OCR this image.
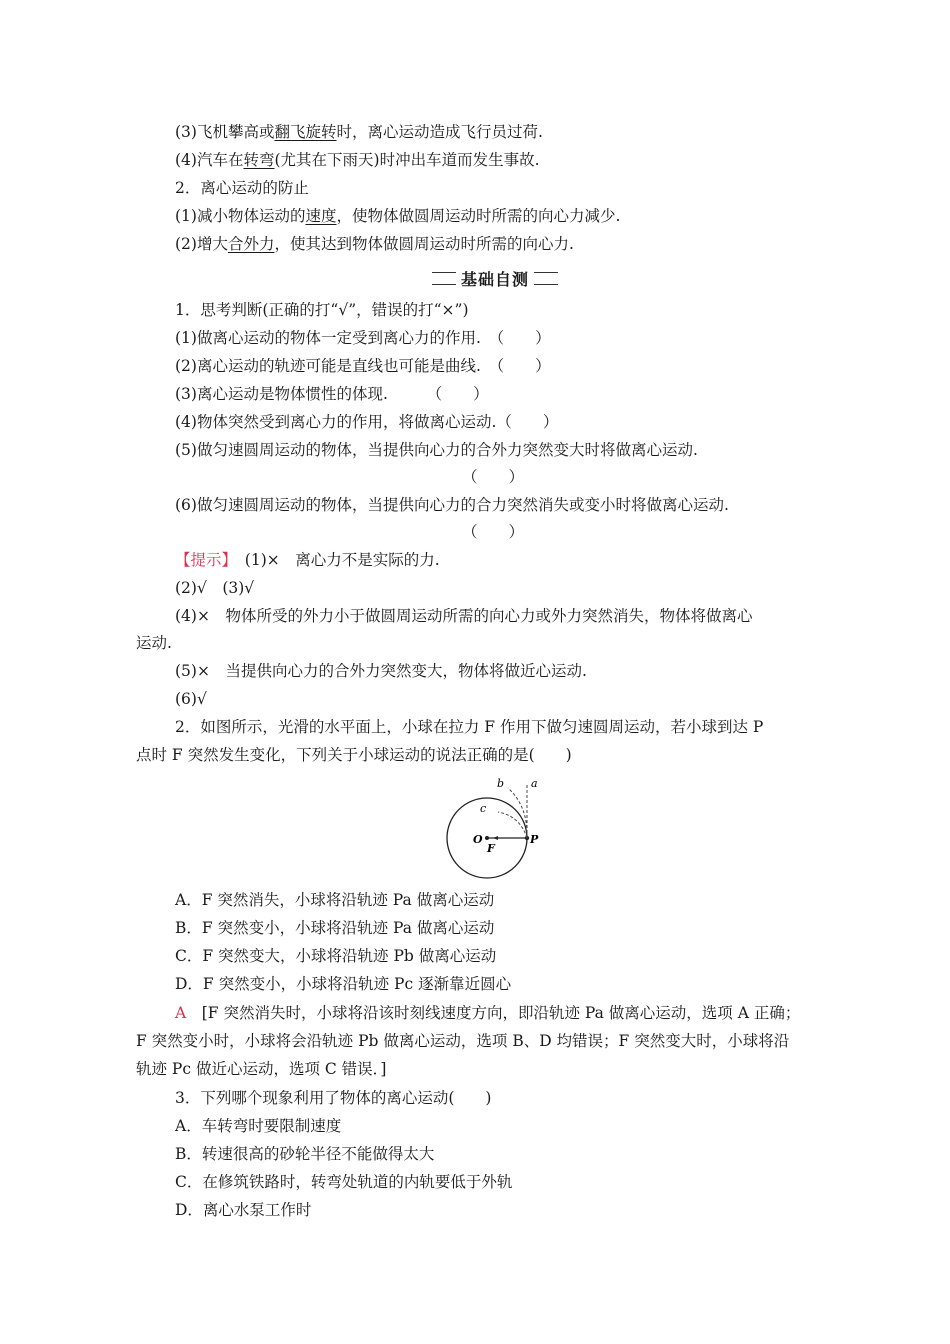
(3)飞机攀高或翻飞旋转时，离心运动造成飞行员过荷.
(4)汽车在转弯(尤其在下雨天)时冲出车道而发生事故.
2．离心运动的防止
(1)减小物体运动的速度，使物体做圆周运动时所需的向心力减少.
(2)增大合外力，使其达到物体做圆周运动时所需的向心力.
基础自测
1．思考判断(正确的打“√”，错误的打“×”)
(1)做离心运动的物体一定受到离心力的作用.　（　　）
(2)离心运动的轨迹可能是直线也可能是曲线.　（　　）
(3)离心运动是物体惯性的体现.　　　（　　）
(4)物体突然受到离心力的作用，将做离心运动.（　　）
(5)做匀速圆周运动的物体，当提供向心力的合外力突然变大时将做离心运动.
（　　）
(6)做匀速圆周运动的物体，当提供向心力的合力突然消失或变小时将做离心运动.
（　　）
【提示】　 (1)×　离心力不是实际的力.
(2)√　(3)√
(4)×　物体所受的外力小于做圆周运动所需的向心力或外力突然消失，物体将做离心
运动.
(5)×　当提供向心力的合外力突然变大，物体将做近心运动.
(6)√
2．如图所示，光滑的水平面上，小球在拉力 F 作用下做匀速圆周运动，若小球到达 P
点时 F 突然发生变化，下列关于小球运动的说法正确的是(　　)
a
b
c
O
F
P
A．F 突然消失，小球将沿轨迹 Pa 做离心运动
B．F 突然变小，小球将沿轨迹 Pa 做离心运动
C．F 突然变大，小球将沿轨迹 Pb 做离心运动
D．F 突然变小，小球将沿轨迹 Pc 逐渐靠近圆心
A　 [F 突然消失时，小球将沿该时刻线速度方向，即沿轨迹 Pa 做离心运动，选项 A 正确；
F 突然变小时，小球将会沿轨迹 Pb 做离心运动，选项 B、D 均错误；F 突然变大时，小球将沿
轨迹 Pc 做近心运动，选项 C 错误．]
3．下列哪个现象利用了物体的离心运动(　　)
A．车转弯时要限制速度
B．转速很高的砂轮半径不能做得太大
C．在修筑铁路时，转弯处轨道的内轨要低于外轨
D．离心水泵工作时
